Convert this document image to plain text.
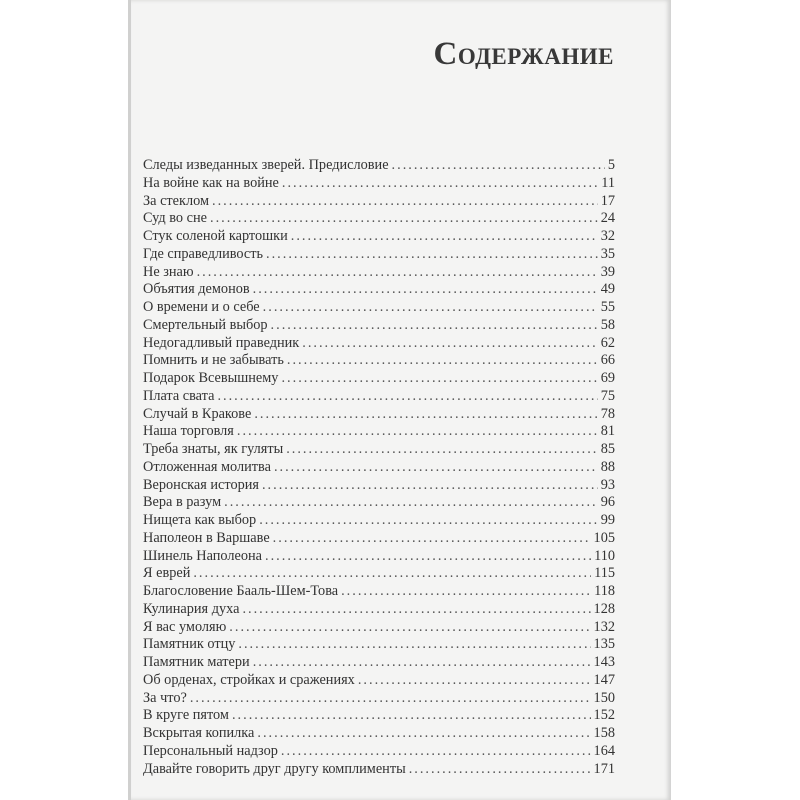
Содержание
Следы изведанных зверей. Предисловие .....	5
На войне как на войне .....	11
За стеклом .....	17
Суд во сне .....	24
Стук соленой картошки .....	32
Где справедливость .....	35
Не знаю .....	39
Объятия демонов .....	49
О времени и о себе .....	55
Смертельный выбор .....	58
Недогадливый праведник .....	62
Помнить и не забывать .....	66
Подарок Всевышнему .....	69
Плата свата .....	75
Случай в Кракове .....	78
Наша торговля .....	81
Треба знаты, як гуляты .....	85
Отложенная молитва .....	88
Веронская история .....	93
Вера в разум .....	96
Нищета как выбор .....	99
Наполеон в Варшаве .....	105
Шинель Наполеона .....	110
Я еврей .....	115
Благословение Бааль-Шем-Това .....	118
Кулинария духа .....	128
Я вас умоляю .....	132
Памятник отцу .....	135
Памятник матери .....	143
Об орденах, стройках и сражениях .....	147
За что? .....	150
В круге пятом .....	152
Вскрытая копилка .....	158
Персональный надзор .....	164
Давайте говорить друг другу комплименты .....	171
